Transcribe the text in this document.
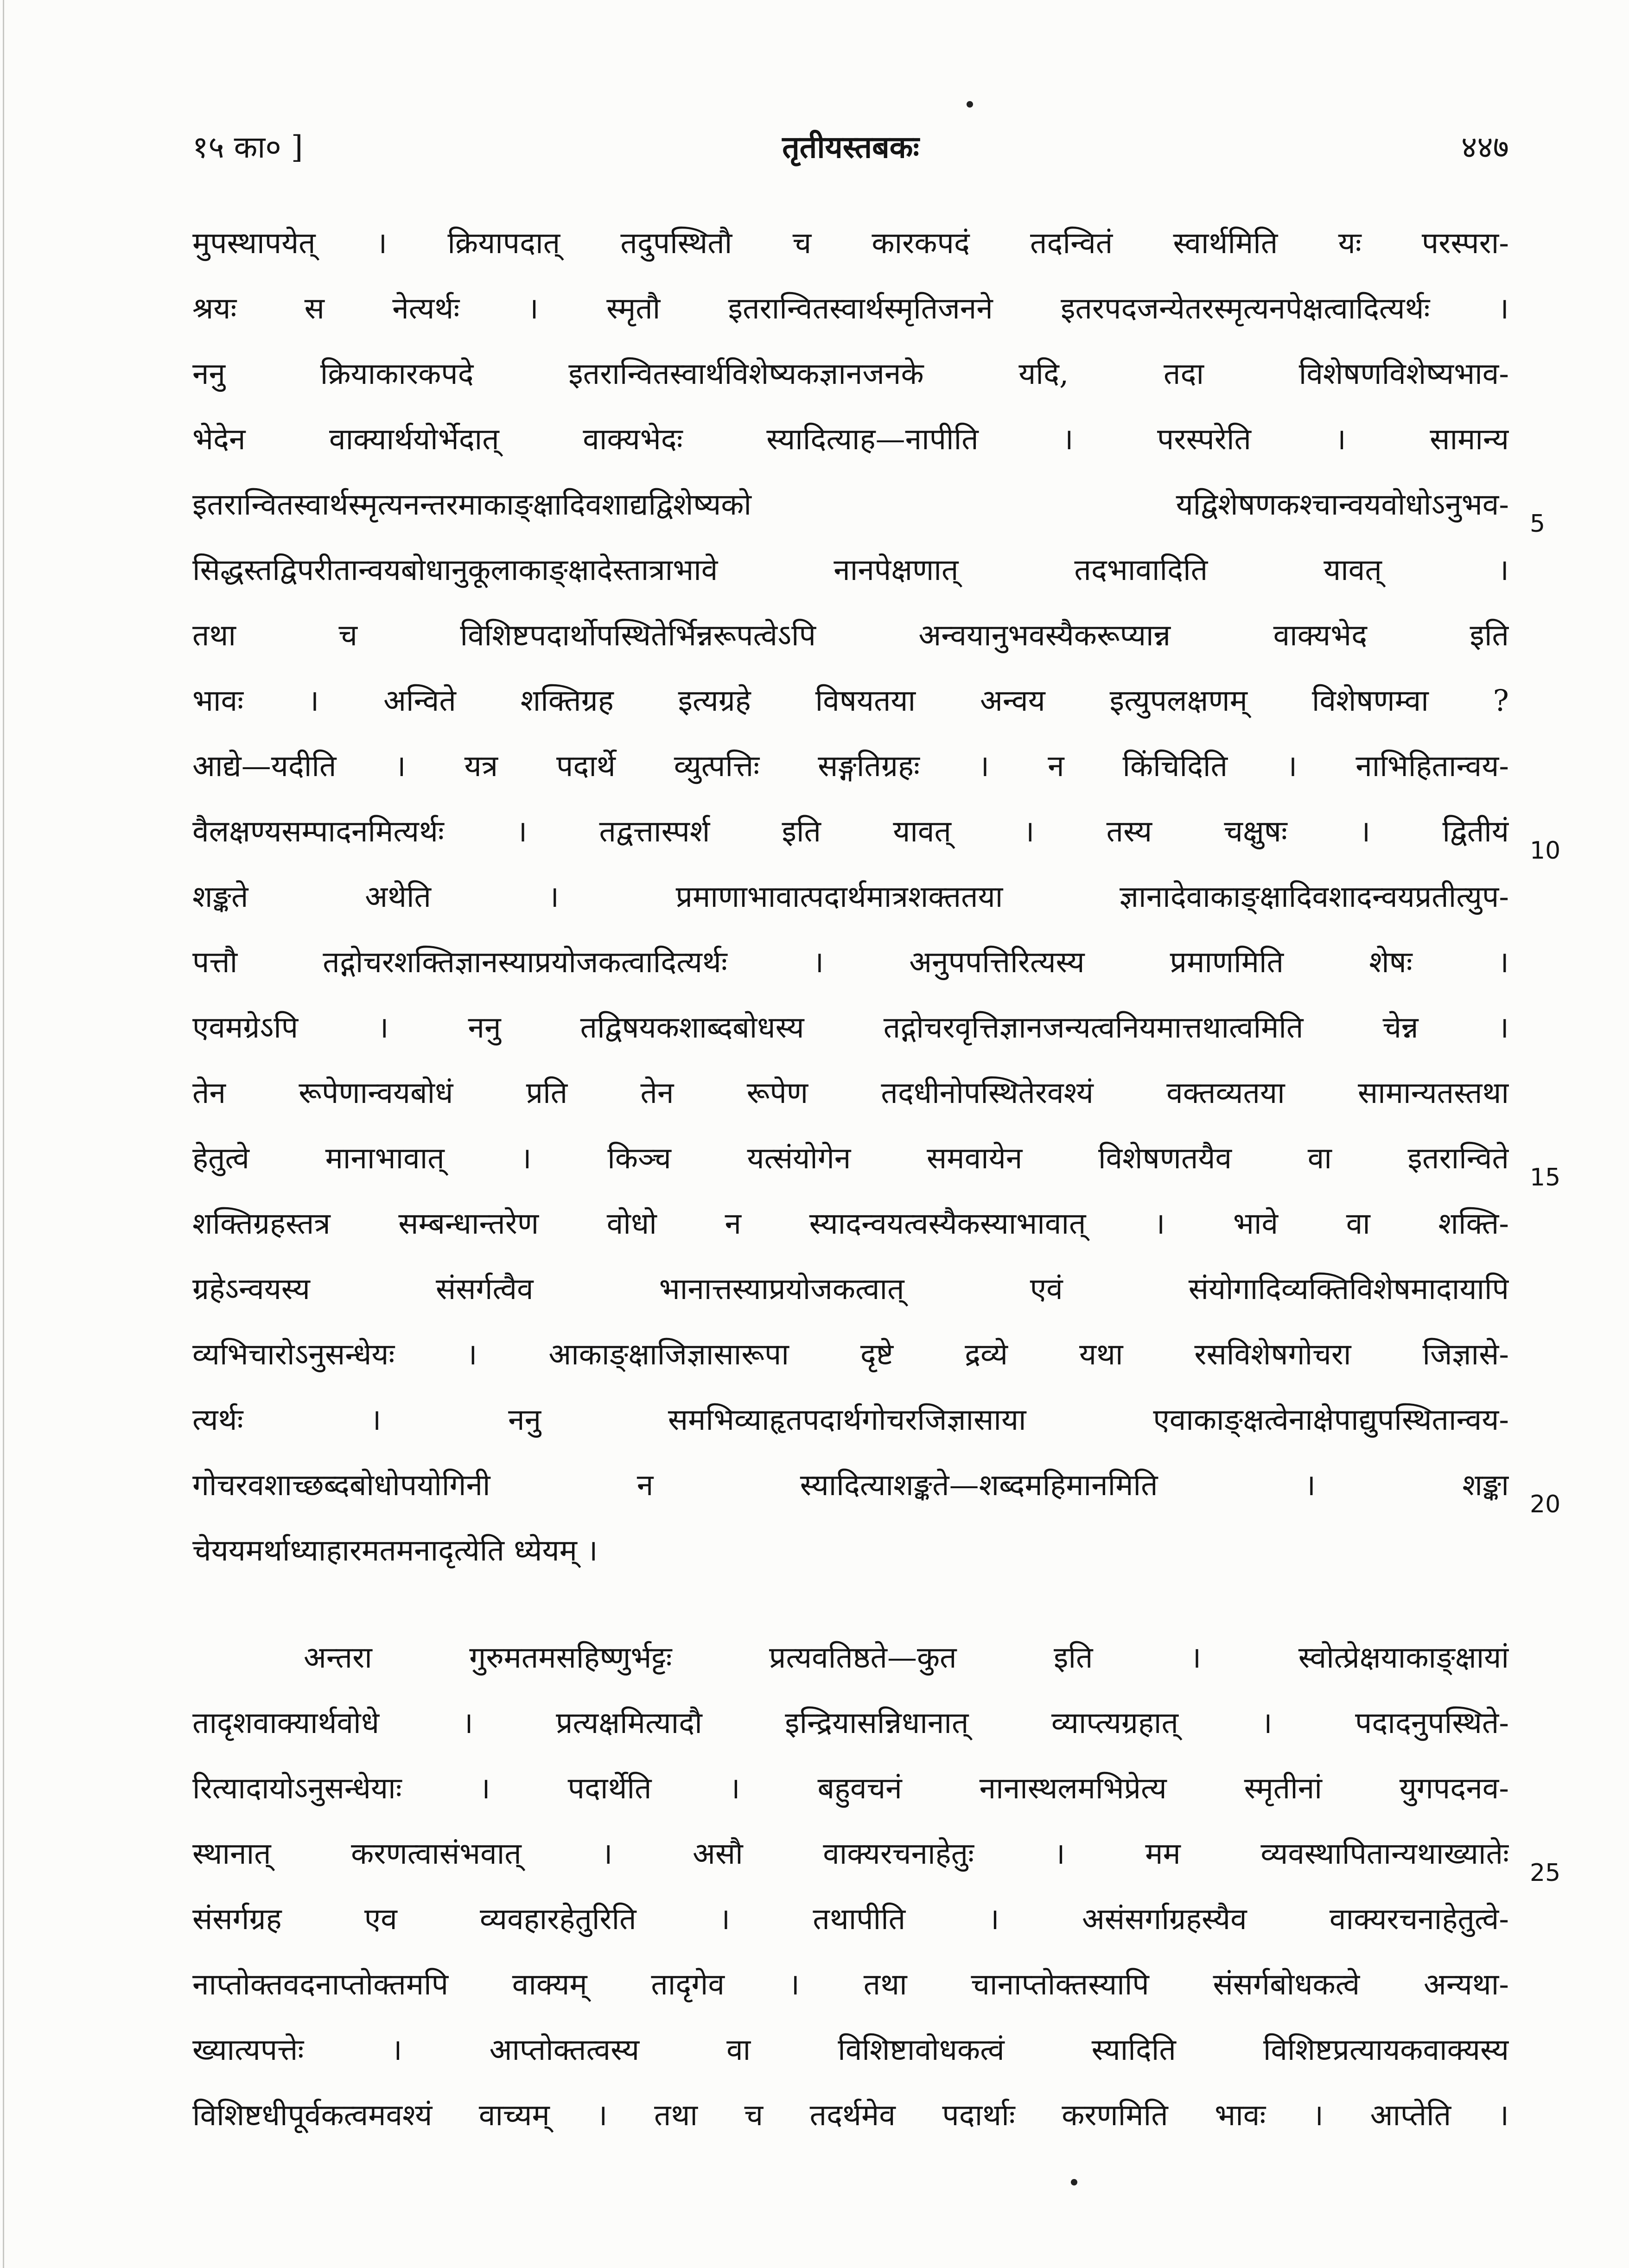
१५ का० ]	तृतीयस्तबकः	४४७
मुपस्थापयेत् । क्रियापदात् तदुपस्थितौ च कारकपदं तदन्वितं स्वार्थमिति यः परस्परा-
श्रयः स नेत्यर्थः । स्मृतौ इतरान्वितस्वार्थस्मृतिजनने इतरपदजन्येतरस्मृत्यनपेक्षत्वादित्यर्थः ।
ननु क्रियाकारकपदे इतरान्वितस्वार्थविशेष्यकज्ञानजनके यदि, तदा विशेषणविशेष्यभाव-
भेदेन वाक्यार्थयोर्भेदात् वाक्यभेदः स्यादित्याह—नापीति । परस्परेति । सामान्य
इतरान्वितस्वार्थस्मृत्यनन्तरमाकाङ्क्षादिवशाद्यद्विशेष्यको यद्विशेषणकश्चान्वयवोधोऽनुभव-
सिद्धस्तद्विपरीतान्वयबोधानुकूलाकाङ्क्षादेस्तात्राभावे नानपेक्षणात् तदभावादिति यावत् ।
तथा च विशिष्टपदार्थोपस्थितेर्भिन्नरूपत्वेऽपि अन्वयानुभवस्यैकरूप्यान्न वाक्यभेद इति
भावः । अन्विते शक्तिग्रह इत्यग्रहे विषयतया अन्वय इत्युपलक्षणम् विशेषणम्वा ?
आद्ये—यदीति । यत्र पदार्थे व्युत्पत्तिः सङ्गतिग्रहः । न किंचिदिति । नाभिहितान्वय-
वैलक्षण्यसम्पादनमित्यर्थः । तद्वत्तास्पर्श इति यावत् । तस्य चक्षुषः । द्वितीयं
शङ्कते अथेति । प्रमाणाभावात्पदार्थमात्रशक्ततया ज्ञानादेवाकाङ्क्षादिवशादन्वयप्रतीत्युप-
पत्तौ तद्गोचरशक्तिज्ञानस्याप्रयोजकत्वादित्यर्थः । अनुपपत्तिरित्यस्य प्रमाणमिति शेषः ।
एवमग्रेऽपि । ननु तद्विषयकशाब्दबोधस्य तद्गोचरवृत्तिज्ञानजन्यत्वनियमात्तथात्वमिति चेन्न ।
तेन रूपेणान्वयबोधं प्रति तेन रूपेण तदधीनोपस्थितेरवश्यं वक्तव्यतया सामान्यतस्तथा
हेतुत्वे मानाभावात् । किञ्च यत्संयोगेन समवायेन विशेषणतयैव वा इतरान्विते
शक्तिग्रहस्तत्र सम्बन्धान्तरेण वोधो न स्यादन्वयत्वस्यैकस्याभावात् । भावे वा शक्ति-
ग्रहेऽन्वयस्य संसर्गत्वैव भानात्तस्याप्रयोजकत्वात् एवं संयोगादिव्यक्तिविशेषमादायापि
व्यभिचारोऽनुसन्धेयः । आकाङ्क्षाजिज्ञासारूपा दृष्टे द्रव्ये यथा रसविशेषगोचरा जिज्ञासे-
त्यर्थः । ननु समभिव्याहृतपदार्थगोचरजिज्ञासाया एवाकाङ्क्षत्वेनाक्षेपाद्युपस्थितान्वय-
गोचरवशाच्छब्दबोधोपयोगिनी न स्यादित्याशङ्कते—शब्दमहिमानमिति । शङ्का
चेययमर्थाध्याहारमतमनादृत्येति ध्येयम् ।
अन्तरा गुरुमतमसहिष्णुर्भट्टः प्रत्यवतिष्ठते—कुत इति । स्वोत्प्रेक्षयाकाङ्क्षायां
तादृशवाक्यार्थवोधे । प्रत्यक्षमित्यादौ इन्द्रियासन्निधानात् व्याप्त्यग्रहात् । पदादनुपस्थिते-
रित्यादायोऽनुसन्धेयाः । पदार्थेति । बहुवचनं नानास्थलमभिप्रेत्य स्मृतीनां युगपदनव-
स्थानात् करणत्वासंभवात् । असौ वाक्यरचनाहेतुः । मम व्यवस्थापितान्यथाख्यातेः
संसर्गग्रह एव व्यवहारहेतुरिति । तथापीति । असंसर्गाग्रहस्यैव वाक्यरचनाहेतुत्वे-
नाप्तोक्तवदनाप्तोक्तमपि वाक्यम् तादृगेव । तथा चानाप्तोक्तस्यापि संसर्गबोधकत्वे अन्यथा-
ख्यात्यपत्तेः । आप्तोक्तत्वस्य वा विशिष्टावोधकत्वं स्यादिति विशिष्टप्रत्यायकवाक्यस्य
विशिष्टधीपूर्वकत्वमवश्यं वाच्यम् । तथा च तदर्थमेव पदार्थाः करणमिति भावः । आप्तेति ।
5
10
15
20
25
